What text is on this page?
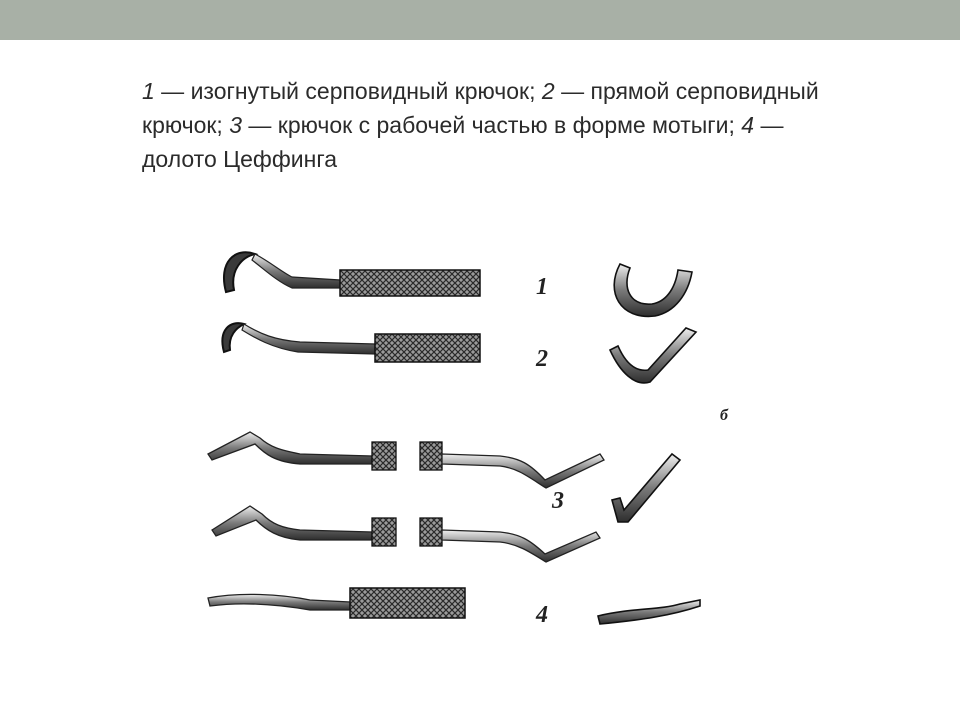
1 — изогнутый серповидный крючок; 2 — прямой серповидный крючок; 3 — крючок с рабочей частью в форме мотыги; 4 — долото Цеффинга
1
2
3
4
б
